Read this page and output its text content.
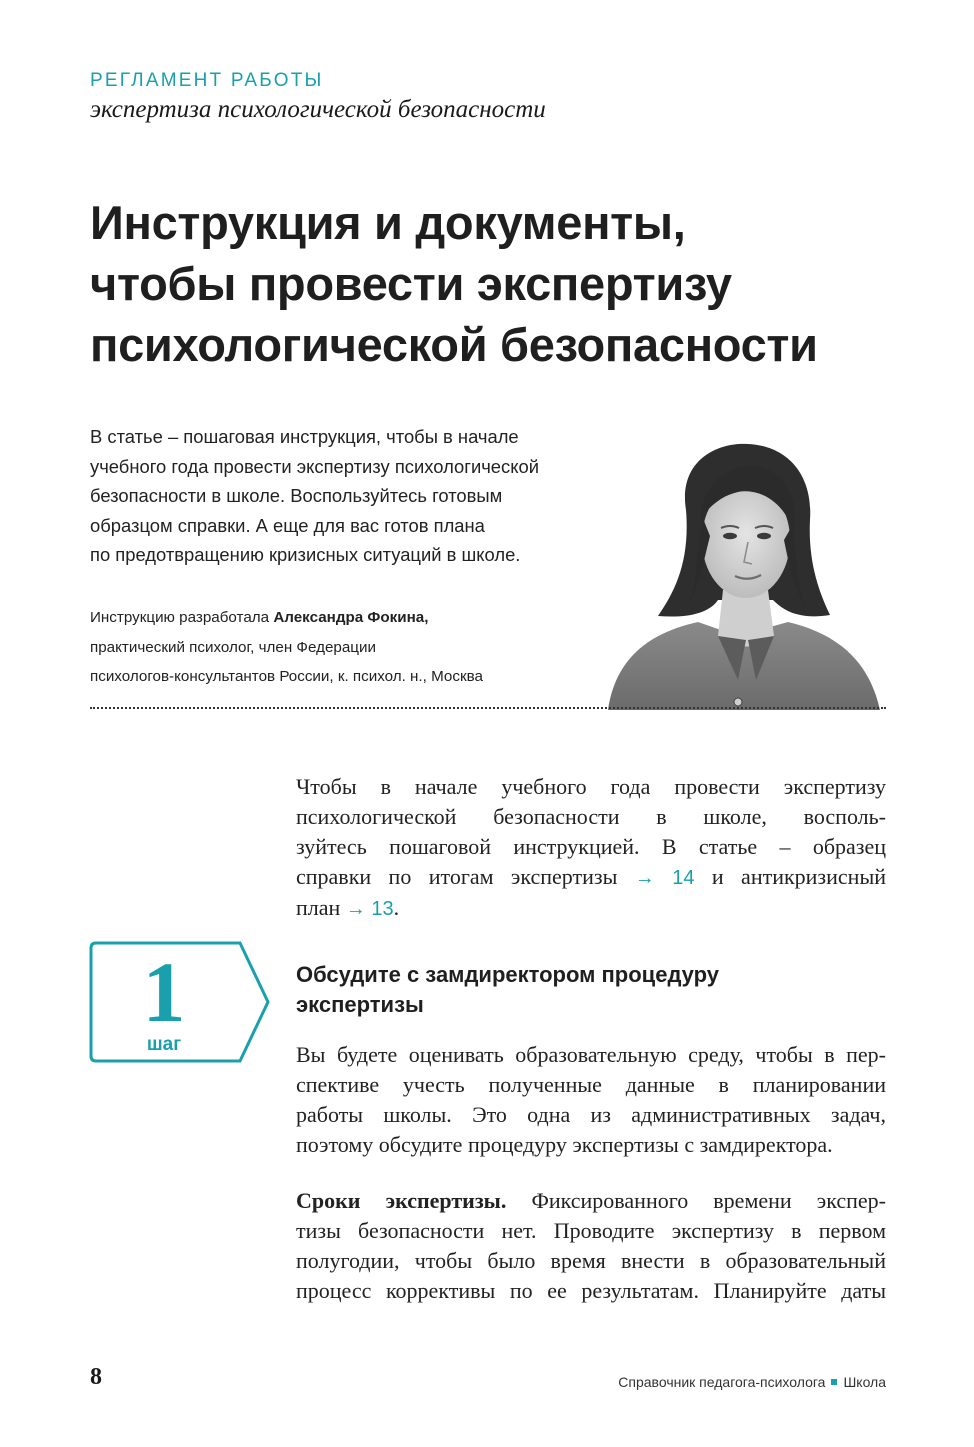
РЕГЛАМЕНТ РАБОТЫ
экспертиза психологической безопасности
Инструкция и документы,
чтобы провести экспертизу
психологической безопасности
В статье – пошаговая инструкция, чтобы в начале
учебного года провести экспертизу психологической
безопасности в школе. Воспользуйтесь готовым
образцом справки. А еще для вас готов плана
по предотвращению кризисных ситуаций в школе.
Инструкцию разработала Александра Фокина,
практический психолог, член Федерации
психологов-консультантов России, к. психол. н., Москва
Чтобы в начале учебного года провести экспертизу
психологической безопасности в школе, восполь-
зуйтесь пошаговой инструкцией. В статье – образец
справки по итогам экспертизы → 14 и антикризисный
план → 13.
1
шаг
Обсудите с замдиректором процедуру
экспертизы
Вы будете оценивать образовательную среду, чтобы в пер-
спективе учесть полученные данные в планировании
работы школы. Это одна из административных задач,
поэтому обсудите процедуру экспертизы с замдиректора.
Сроки экспертизы. Фиксированного времени экспер-
тизы безопасности нет. Проводите экспертизу в первом
полугодии, чтобы было время внести в образовательный
процесс коррективы по ее результатам. Планируйте даты
8	Справочник педагога-психолога Школа
